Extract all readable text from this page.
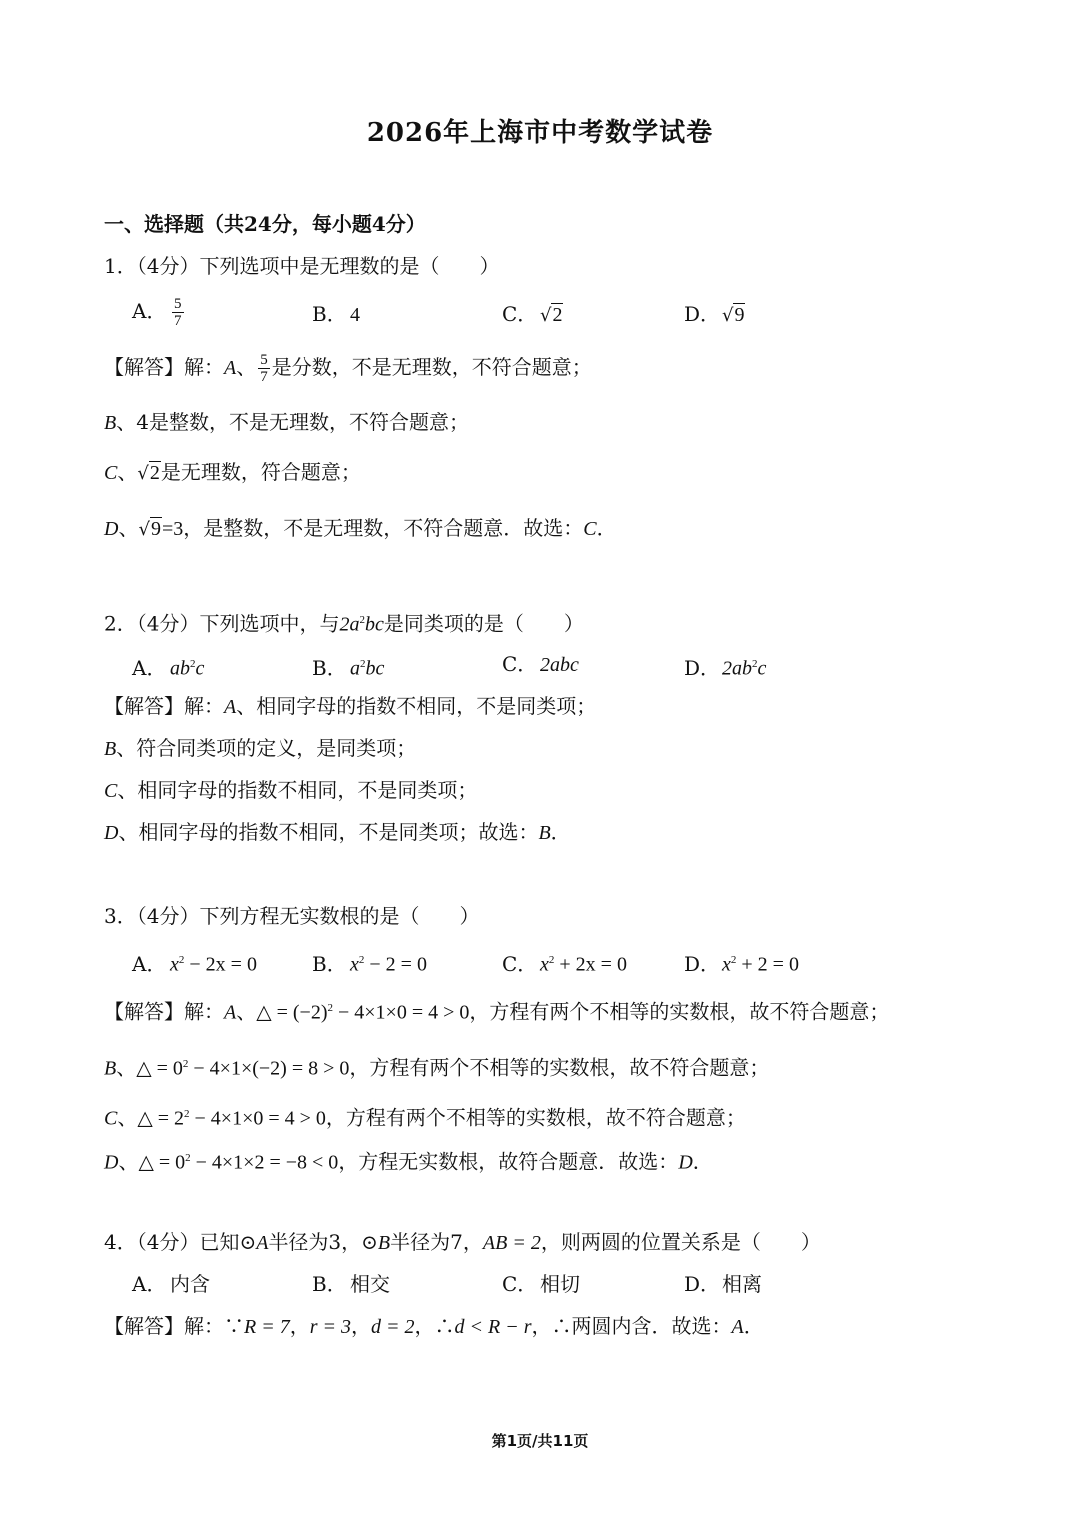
2026年上海市中考数学试卷
一、选择题（共24分，每小题4分）
1．（4分）下列选项中是无理数的是（　　）
A． $\frac{5}{7}$	B． 4	C． √2	D． √9
【解答】解：A、 $\frac{5}{7}$ 是分数，不是无理数，不符合题意；
B、4是整数，不是无理数，不符合题意；
C、√2是无理数，符合题意；
D、√9=3，是整数，不是无理数，不符合题意．故选：C．
2．（4分）下列选项中，与$2a^2bc$是同类项的是（　　）
A． $ab^2c$	B． $a^2bc$	C． 2abc	D．$2ab^2c$
【解答】解：A、相同字母的指数不相同，不是同类项；
B、符合同类项的定义，是同类项；
C、相同字母的指数不相同，不是同类项；
D、相同字母的指数不相同，不是同类项；故选：B．
3．（4分）下列方程无实数根的是（　　）
A． $x^2 - 2x = 0$	B． $x^2 - 2 = 0$	C． $x^2 + 2x = 0$	D．$x^2 + 2 = 0$
【解答】解：A、△ = $(-2)^2 - 4\times 1\times 0 = 4 > 0$，方程有两个不相等的实数根，故不符合题意；
B、△ = $0^2 - 4\times 1\times(-2) = 8 > 0$，方程有两个不相等的实数根，故不符合题意；
C、△ = $2^2 - 4\times 1\times 0 = 4 > 0$，方程有两个不相等的实数根，故不符合题意；
D、△ = $0^2 - 4\times 1\times 2 = -8 < 0$，方程无实数根，故符合题意．故选：D．
4．（4分）已知⊙A半径为3，⊙B半径为7，AB = 2，则两圆的位置关系是（　　）
A． 内含	B． 相交	C． 相切	D．相离
【解答】解：∵R = 7，r = 3，d = 2，∴d < R − r，∴两圆内含．故选：A．
第1页/共11页
